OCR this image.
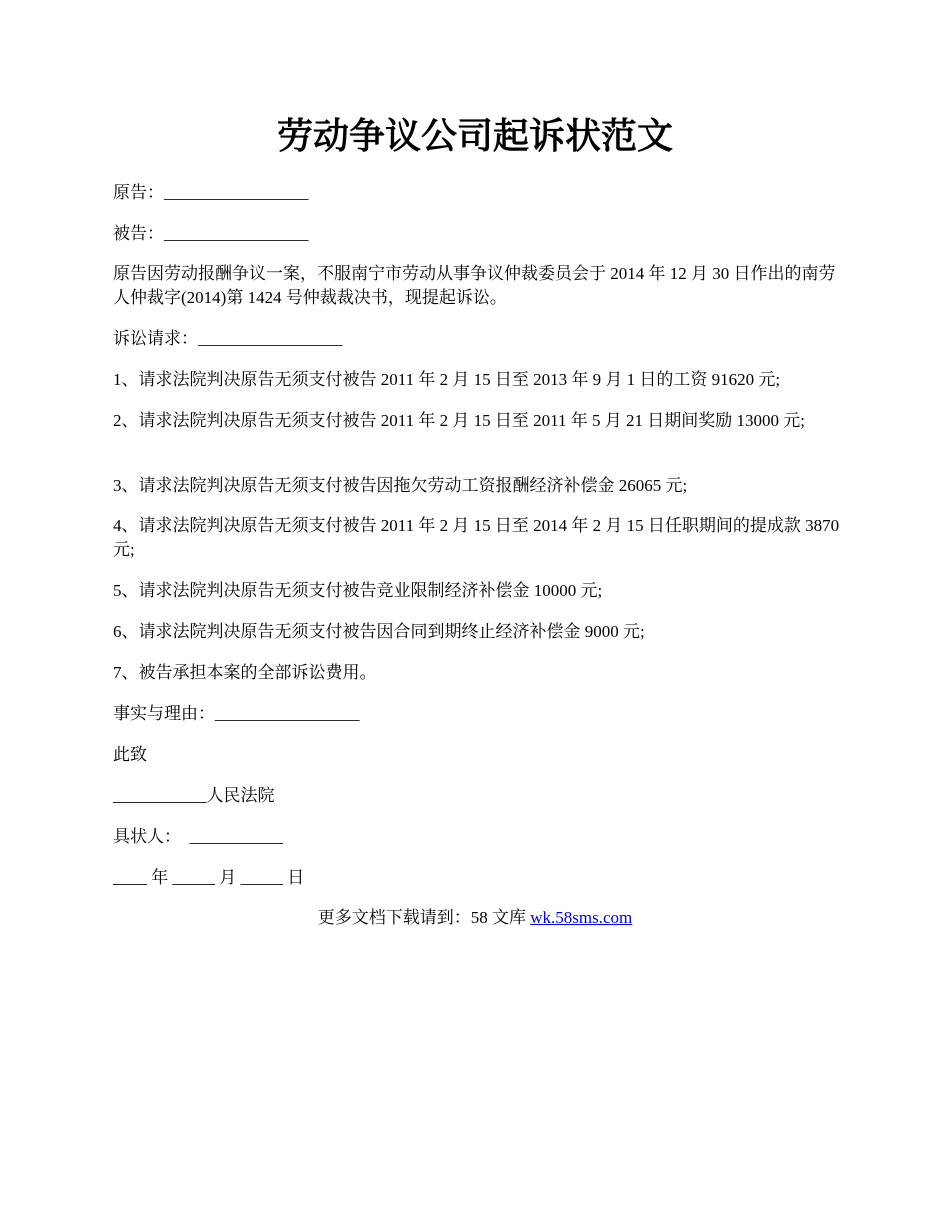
劳动争议公司起诉状范文

原告：_________________

被告：_________________

原告因劳动报酬争议一案，不服南宁市劳动从事争议仲裁委员会于 2014 年 12 月 30 日作出的南劳人仲裁字(2014)第 1424 号仲裁裁决书，现提起诉讼。

诉讼请求：_________________

1、请求法院判决原告无须支付被告 2011 年 2 月 15 日至 2013 年 9 月 1 日的工资 91620 元;

2、请求法院判决原告无须支付被告 2011 年 2 月 15 日至 2011 年 5 月 21 日期间奖励 13000 元;

3、请求法院判决原告无须支付被告因拖欠劳动工资报酬经济补偿金 26065 元;

4、请求法院判决原告无须支付被告 2011 年 2 月 15 日至 2014 年 2 月 15 日任职期间的提成款 3870 元;

5、请求法院判决原告无须支付被告竞业限制经济补偿金 10000 元;

6、请求法院判决原告无须支付被告因合同到期终止经济补偿金 9000 元;

7、被告承担本案的全部诉讼费用。

事实与理由：_________________

此致

___________人民法院

具状人：  ___________

____ 年 _____ 月 _____ 日

更多文档下载请到：58 文库 wk.58sms.com
